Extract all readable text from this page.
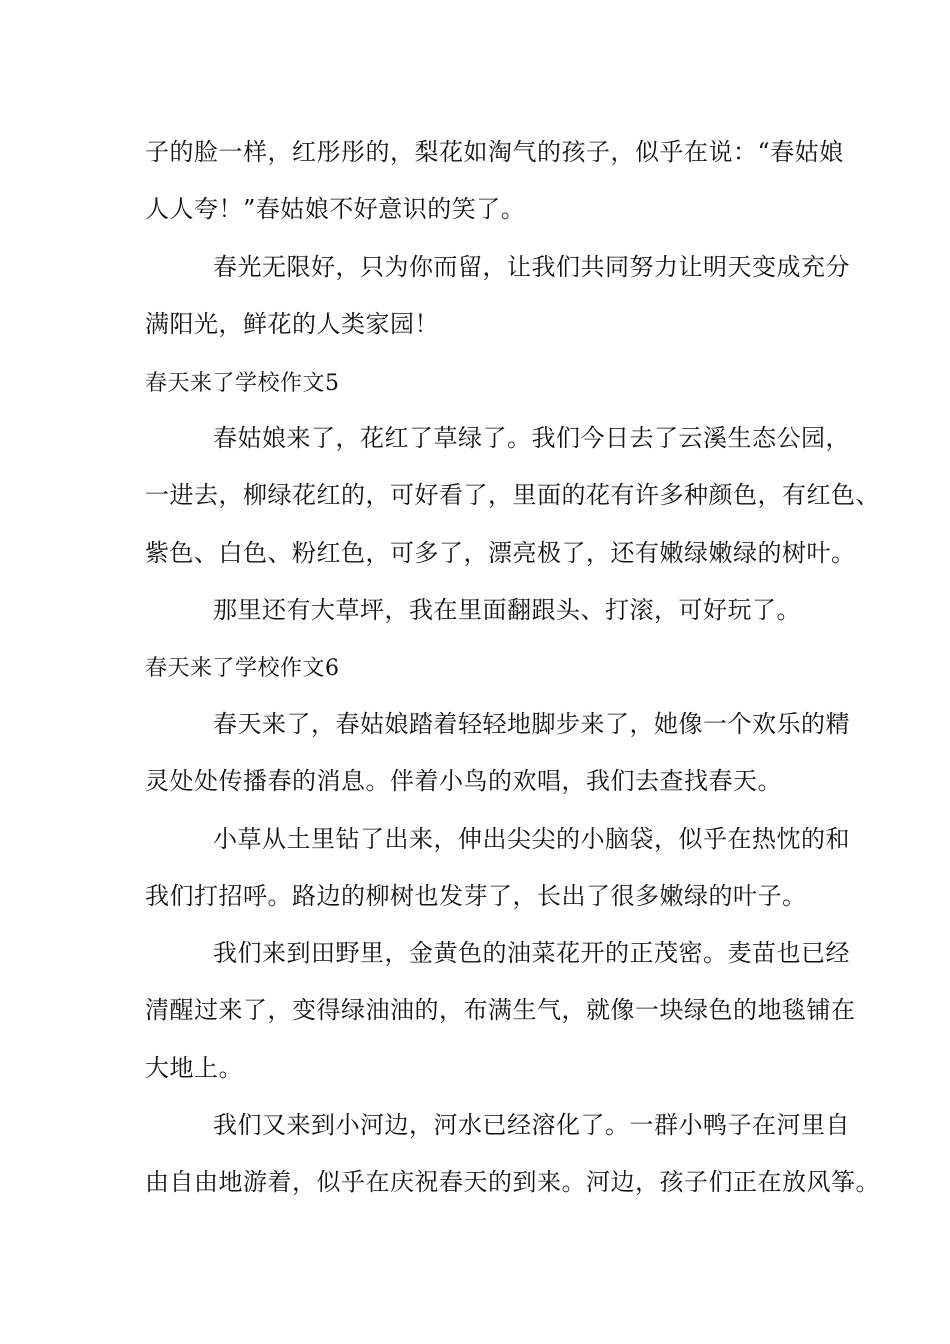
子的脸一样，红彤彤的，梨花如淘气的孩子，似乎在说：“春姑娘
人人夸！”春姑娘不好意识的笑了。
春光无限好，只为你而留，让我们共同努力让明天变成充分
满阳光，鲜花的人类家园！
春天来了学校作文5
春姑娘来了，花红了草绿了。我们今日去了云溪生态公园，
一进去，柳绿花红的，可好看了，里面的花有许多种颜色，有红色、
紫色、白色、粉红色，可多了，漂亮极了，还有嫩绿嫩绿的树叶。
那里还有大草坪，我在里面翻跟头、打滚，可好玩了。
春天来了学校作文6
春天来了，春姑娘踏着轻轻地脚步来了，她像一个欢乐的精
灵处处传播春的消息。伴着小鸟的欢唱，我们去查找春天。
小草从土里钻了出来，伸出尖尖的小脑袋，似乎在热忱的和
我们打招呼。路边的柳树也发芽了，长出了很多嫩绿的叶子。
我们来到田野里，金黄色的油菜花开的正茂密。麦苗也已经
清醒过来了，变得绿油油的，布满生气，就像一块绿色的地毯铺在
大地上。
我们又来到小河边，河水已经溶化了。一群小鸭子在河里自
由自由地游着，似乎在庆祝春天的到来。河边，孩子们正在放风筝。
